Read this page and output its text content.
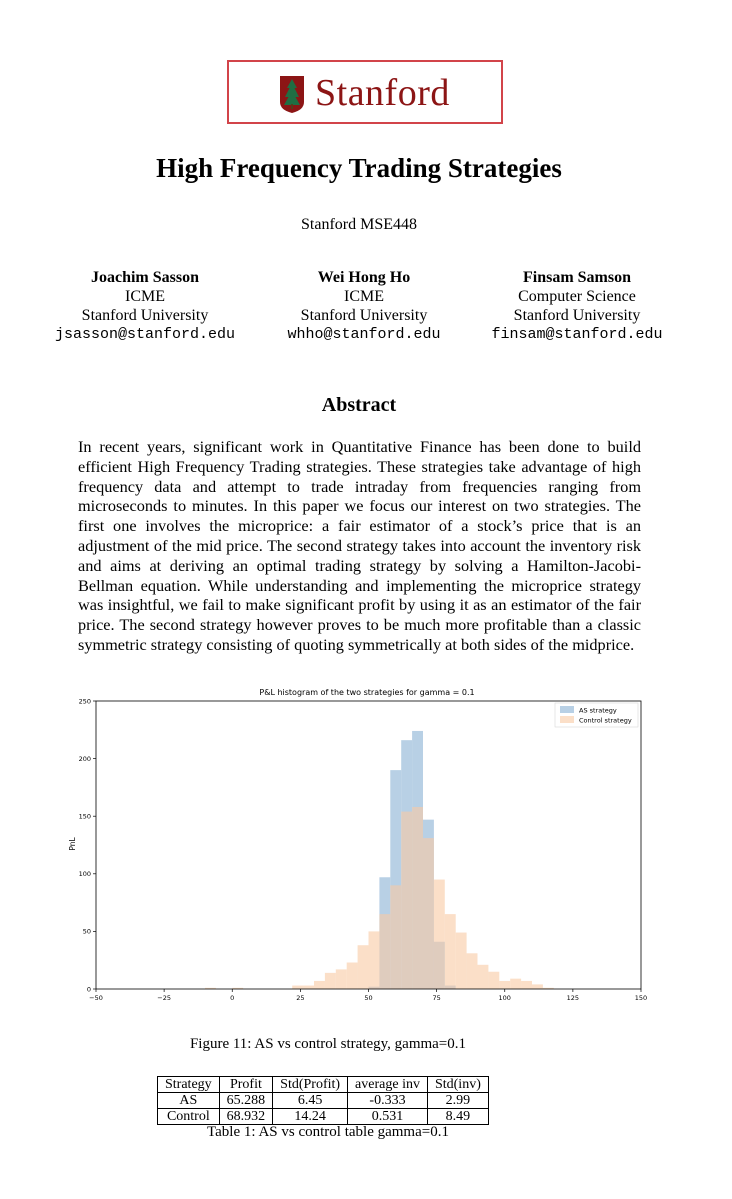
Stanford
High Frequency Trading Strategies
Stanford MSE448
Joachim Sasson
ICME
Stanford University
jsasson@stanford.edu
Wei Hong Ho
ICME
Stanford University
whho@stanford.edu
Finsam Samson
Computer Science
Stanford University
finsam@stanford.edu
Abstract
In recent years, significant work in Quantitative Finance has been done to build efficient High Frequency Trading strategies. These strategies take advantage of high frequency data and attempt to trade intraday from frequencies ranging from microseconds to minutes. In this paper we focus our interest on two strategies. The first one involves the microprice: a fair estimator of a stock’s price that is an adjustment of the mid price. The second strategy takes into account the inventory risk and aims at deriving an optimal trading strategy by solving a Hamilton-Jacobi-Bellman equation. While understanding and implementing the microprice strategy was insightful, we fail to make significant profit by using it as an estimator of the fair price. The second strategy however proves to be much more profitable than a classic symmetric strategy consisting of quoting symmetrically at both sides of the midprice.
P&L histogram of the two strategies for gamma = 0.1
PnL
−50	−25	0	25	50	75	100	125	150
0
50
100
150
200
250
AS strategy
Control strategy
Figure 11: AS vs control strategy, gamma=0.1
Strategy	Profit	Std(Profit)	average inv	Std(inv)
AS	65.288	6.45	-0.333	2.99
Control	68.932	14.24	0.531	8.49
Table 1: AS vs control table gamma=0.1
